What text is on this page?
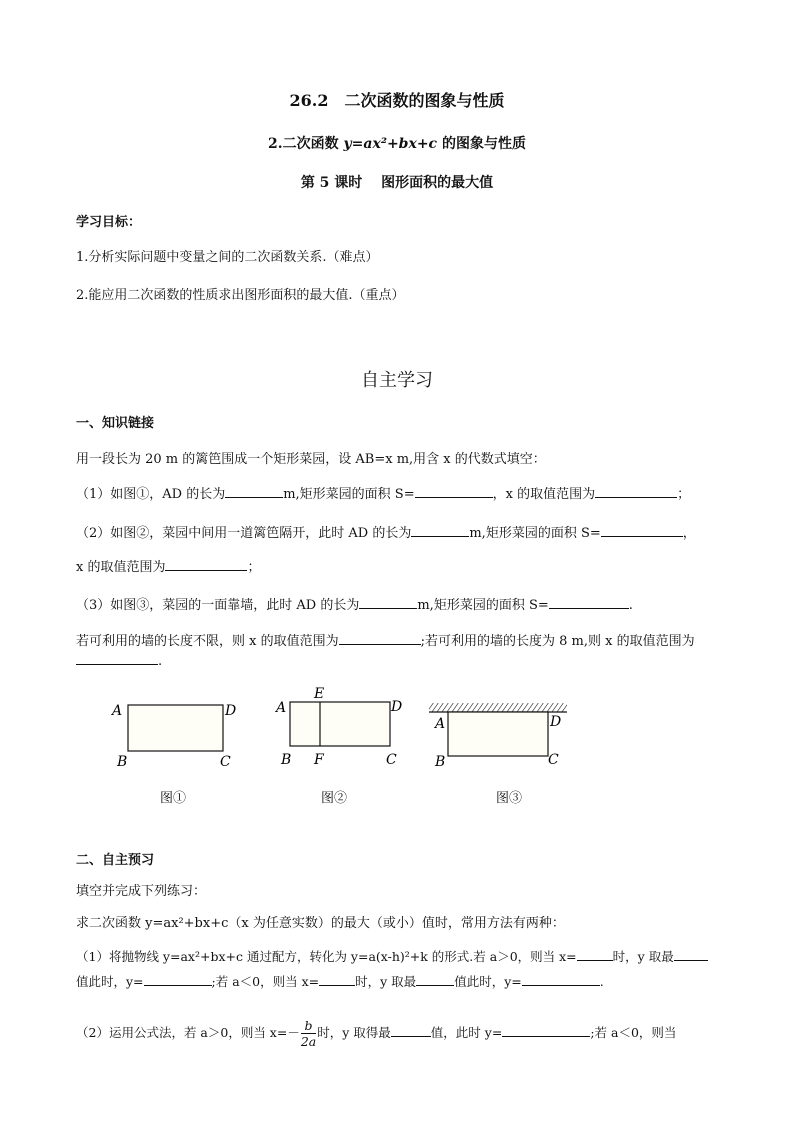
26.2　二次函数的图象与性质
2.二次函数 y=ax²+bx+c 的图象与性质
第 5 课时　 图形面积的最大值
学习目标：
1.分析实际问题中变量之间的二次函数关系.（难点）
2.能应用二次函数的性质求出图形面积的最大值.（重点）
自主学习
一、知识链接
用一段长为 20 m 的篱笆围成一个矩形菜园，设 AB=x m,用含 x 的代数式填空：
（1）如图①，AD 的长为	m,矩形菜园的面积 S=	，x 的取值范围为	；
（2）如图②，菜园中间用一道篱笆隔开，此时 AD 的长为	m,矩形菜园的面积 S=	，
x 的取值范围为	；
（3）如图③，菜园的一面靠墙，此时 AD 的长为	m,矩形菜园的面积 S=	.
若可利用的墙的长度不限，则 x 的取值范围为	;若可利用的墙的长度为 8 m,则 x 的取值范围为
.
A	D
B	C
图①
A
E
D
B F	C
图②
A	D
B	C
图③
二、自主预习
填空并完成下列练习：
求二次函数 y=ax²+bx+c（x 为任意实数）的最大（或小）值时，常用方法有两种：
（1）将抛物线 y=ax²+bx+c 通过配方，转化为 y=a(x-h)²+k 的形式.若 a＞0，则当 x=	时，y 取最
值此时，y=	;若 a＜0，则当 x=	时，y 取最	值此时，y=	.
（2）运用公式法，若 a＞0，则当 $x=- \frac{b}{2a}$ 时，y 取得最	值，此时 y=	;若 a＜0，则当
